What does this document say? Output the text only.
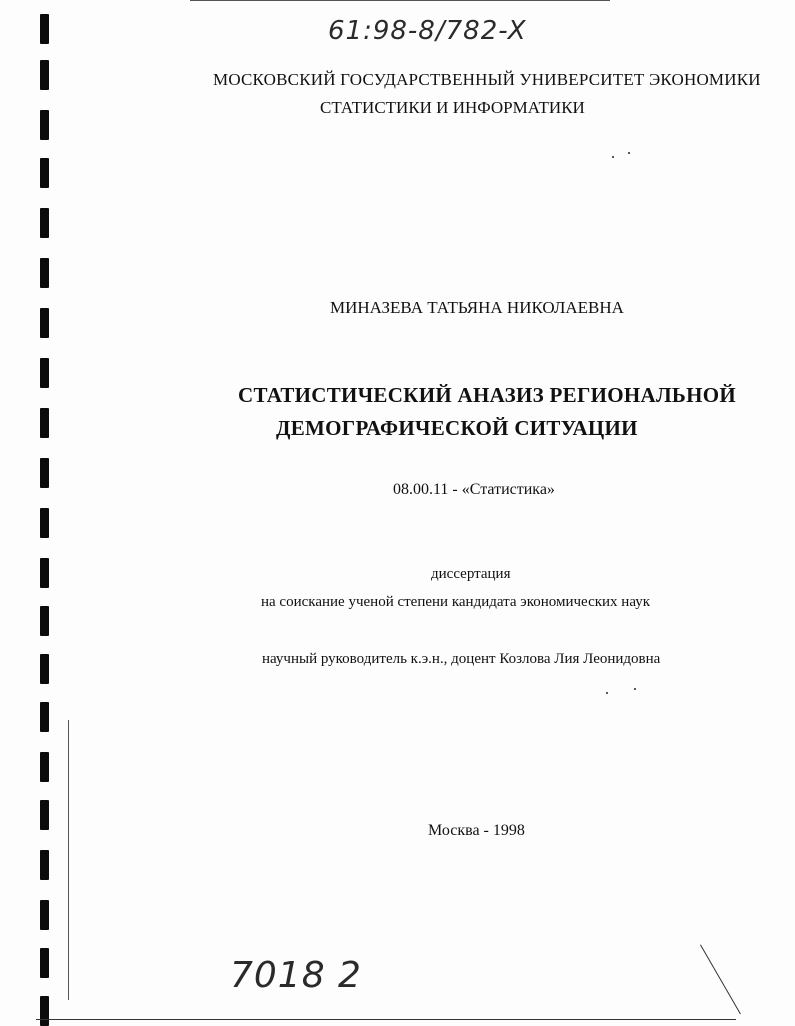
61:98-8/782-X
МОСКОВСКИЙ ГОСУДАРСТВЕННЫЙ УНИВЕРСИТЕТ ЭКОНОМИКИ
СТАТИСТИКИ И ИНФОРМАТИКИ
МИНАЗЕВА ТАТЬЯНА НИКОЛАЕВНА
СТАТИСТИЧЕСКИЙ АНАЗИЗ РЕГИОНАЛЬНОЙ
ДЕМОГРАФИЧЕСКОЙ СИТУАЦИИ
08.00.11 - «Статистика»
диссертация
на соискание ученой степени кандидата экономических наук
научный руководитель к.э.н., доцент Козлова Лия Леонидовна
Москва - 1998
7018 2
